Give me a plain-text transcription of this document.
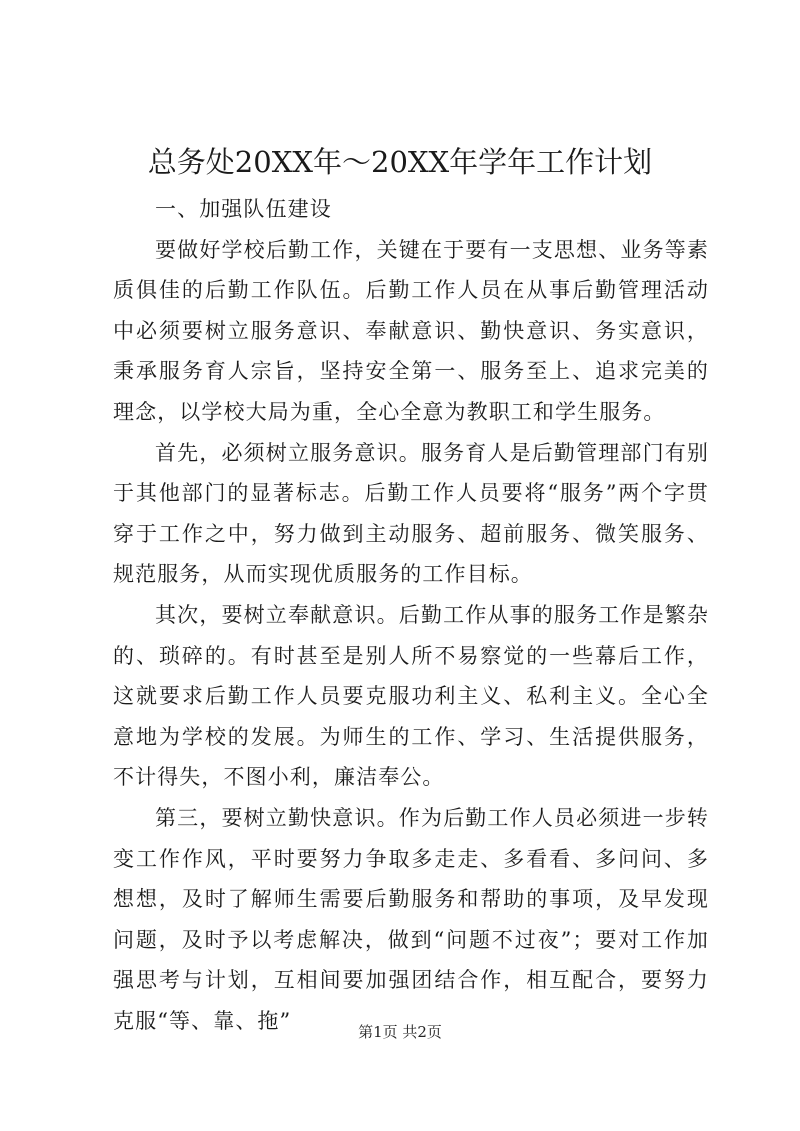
总务处20XX年～20XX年学年工作计划

一、加强队伍建设

要做好学校后勤工作，关键在于要有一支思想、业务等素质俱佳的后勤工作队伍。后勤工作人员在从事后勤管理活动中必须要树立服务意识、奉献意识、勤快意识、务实意识，秉承服务育人宗旨，坚持安全第一、服务至上、追求完美的理念，以学校大局为重，全心全意为教职工和学生服务。

首先，必须树立服务意识。服务育人是后勤管理部门有别于其他部门的显著标志。后勤工作人员要将“服务”两个字贯穿于工作之中，努力做到主动服务、超前服务、微笑服务、规范服务，从而实现优质服务的工作目标。

其次，要树立奉献意识。后勤工作从事的服务工作是繁杂的、琐碎的。有时甚至是别人所不易察觉的一些幕后工作，这就要求后勤工作人员要克服功利主义、私利主义。全心全意地为学校的发展。为师生的工作、学习、生活提供服务，不计得失，不图小利，廉洁奉公。

第三，要树立勤快意识。作为后勤工作人员必须进一步转变工作作风，平时要努力争取多走走、多看看、多问问、多想想，及时了解师生需要后勤服务和帮助的事项，及早发现问题，及时予以考虑解决，做到“问题不过夜”；要对工作加强思考与计划，互相间要加强团结合作，相互配合，要努力克服“等、靠、拖”	第1页 共2页
